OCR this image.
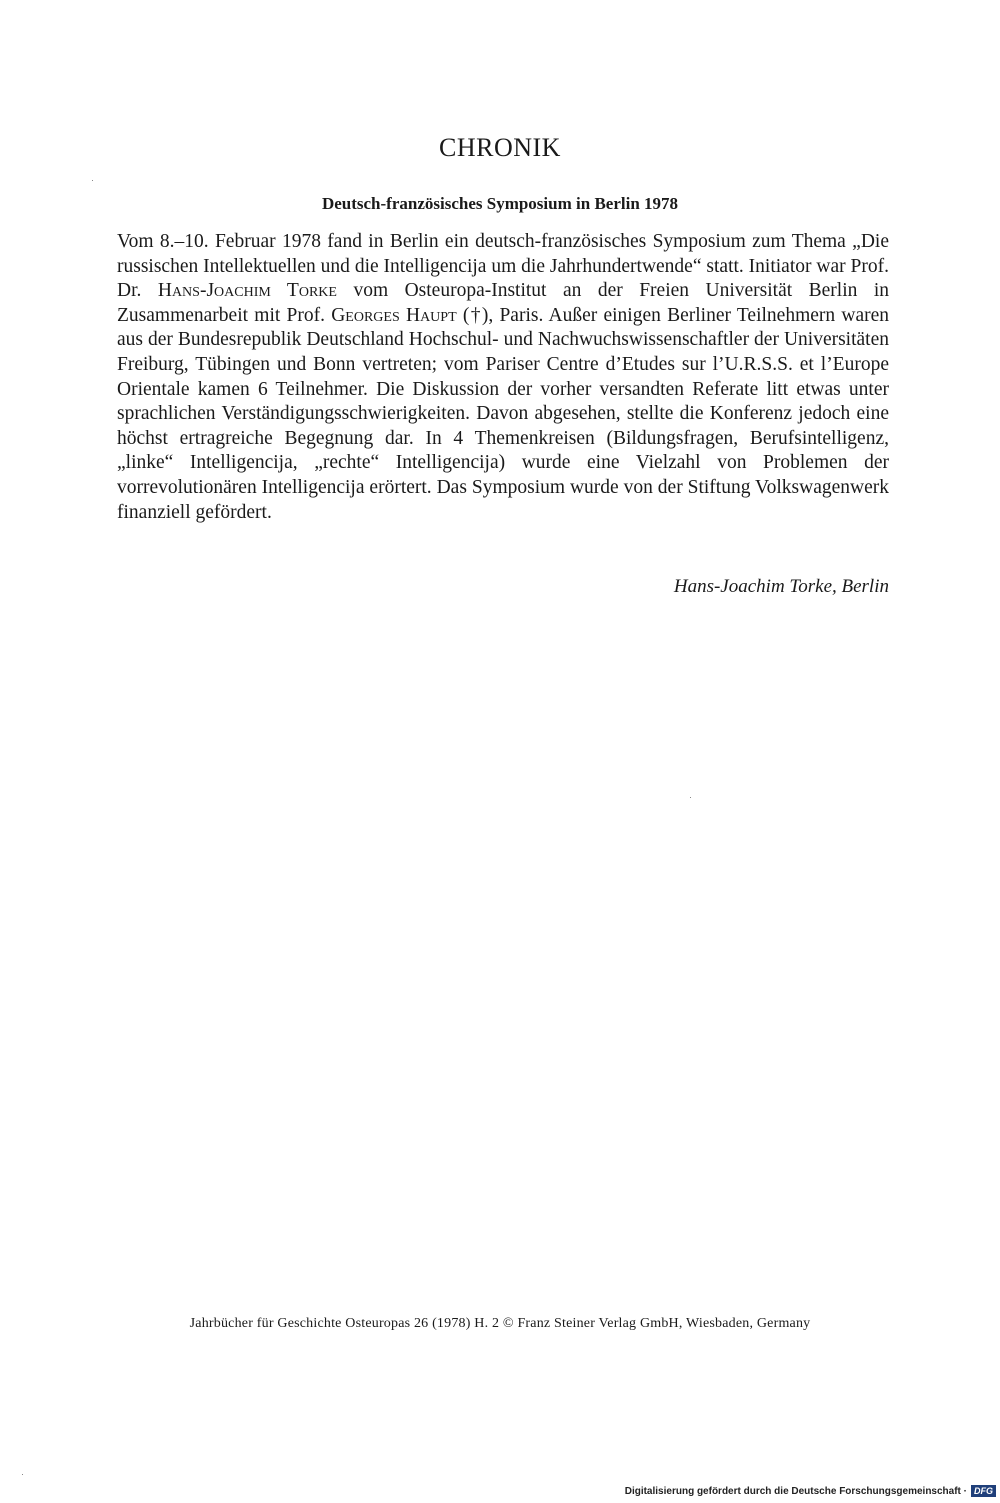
CHRONIK
Deutsch-französisches Symposium in Berlin 1978

Vom 8.–10. Februar 1978 fand in Berlin ein deutsch-französisches Symposium zum Thema „Die russischen Intellektuellen und die Intelligencija um die Jahrhundertwende“ statt. Initiator war Prof. Dr. Hans-Joachim Torke vom Osteuropa-Institut an der Freien Universität Berlin in Zusammenarbeit mit Prof. Georges Haupt (†), Paris. Außer einigen Berliner Teilnehmern waren aus der Bundesrepublik Deutschland Hochschul- und Nachwuchswissenschaftler der Universitäten Freiburg, Tübingen und Bonn vertreten; vom Pariser Centre d’Etudes sur l’U.R.S.S. et l’Europe Orientale kamen 6 Teilnehmer. Die Diskussion der vorher versandten Referate litt etwas unter sprachlichen Verständigungsschwierigkeiten. Davon abgesehen, stellte die Konferenz jedoch eine höchst ertragreiche Begegnung dar. In 4 Themenkreisen (Bildungsfragen, Berufsintelligenz, „linke“ Intelligencija, „rechte“ Intelligencija) wurde eine Vielzahl von Problemen der vorrevolutionären Intelligencija erörtert. Das Symposium wurde von der Stiftung Volkswagenwerk finanziell gefördert.

Hans-Joachim Torke, Berlin
Jahrbücher für Geschichte Osteuropas 26 (1978) H. 2 © Franz Steiner Verlag GmbH, Wiesbaden, Germany
Digitalisierung gefördert durch die Deutsche Forschungsgemeinschaft · DFG
